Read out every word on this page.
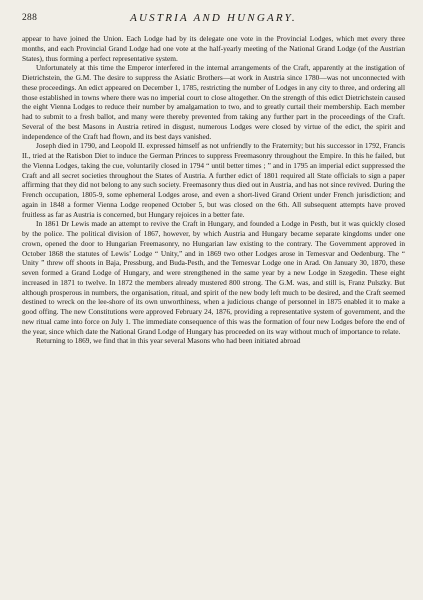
288	AUSTRIA AND HUNGARY.

appear to have joined the Union. Each Lodge had by its delegate one vote in the Provincial Lodges, which met every three months, and each Provincial Grand Lodge had one vote at the half-yearly meeting of the National Grand Lodge (of the Austrian States), thus forming a perfect representative system.

Unfortunately at this time the Emperor interfered in the internal arrangements of the Craft, apparently at the instigation of Dietrichstein, the G.M. The desire to suppress the Asiatic Brothers—at work in Austria since 1780—was not unconnected with these proceedings. An edict appeared on December 1, 1785, restricting the number of Lodges in any city to three, and ordering all those established in towns where there was no imperial court to close altogether. On the strength of this edict Dietrichstein caused the eight Vienna Lodges to reduce their number by amalgamation to two, and to greatly curtail their membership. Each member had to submit to a fresh ballot, and many were thereby prevented from taking any further part in the proceedings of the Craft. Several of the best Masons in Austria retired in disgust, numerous Lodges were closed by virtue of the edict, the spirit and independence of the Craft had flown, and its best days vanished.

Joseph died in 1790, and Leopold II. expressed himself as not unfriendly to the Fraternity; but his successor in 1792, Francis II., tried at the Ratisbon Diet to induce the German Princes to suppress Freemasonry throughout the Empire. In this he failed, but the Vienna Lodges, taking the cue, voluntarily closed in 1794 “ until better times ; ” and in 1795 an imperial edict suppressed the Craft and all secret societies throughout the States of Austria. A further edict of 1801 required all State officials to sign a paper affirming that they did not belong to any such society. Freemasonry thus died out in Austria, and has not since revived. During the French occupation, 1805-9, some ephemeral Lodges arose, and even a short-lived Grand Orient under French jurisdiction; and again in 1848 a former Vienna Lodge reopened October 5, but was closed on the 6th. All subsequent attempts have proved fruitless as far as Austria is concerned, but Hungary rejoices in a better fate.

In 1861 Dr Lewis made an attempt to revive the Craft in Hungary, and founded a Lodge in Pesth, but it was quickly closed by the police. The political division of 1867, however, by which Austria and Hungary became separate kingdoms under one crown, opened the door to Hungarian Freemasonry, no Hungarian law existing to the contrary. The Government approved in October 1868 the statutes of Lewis’ Lodge “ Unity,” and in 1869 two other Lodges arose in Temesvar and Oedenburg. The “ Unity ” threw off shoots in Baja, Pressburg, and Buda-Pesth, and the Temesvar Lodge one in Arad. On January 30, 1870, these seven formed a Grand Lodge of Hungary, and were strengthened in the same year by a new Lodge in Szegedin. These eight increased in 1871 to twelve. In 1872 the members already mustered 800 strong. The G.M. was, and still is, Franz Pulszky. But although prosperous in numbers, the organisation, ritual, and spirit of the new body left much to be desired, and the Craft seemed destined to wreck on the lee-shore of its own unworthiness, when a judicious change of personnel in 1875 enabled it to make a good offing. The new Constitutions were approved February 24, 1876, providing a representative system of government, and the new ritual came into force on July 1. The immediate consequence of this was the formation of four new Lodges before the end of the year, since which date the National Grand Lodge of Hungary has proceeded on its way without much of importance to relate.

Returning to 1869, we find that in this year several Masons who had been initiated abroad
